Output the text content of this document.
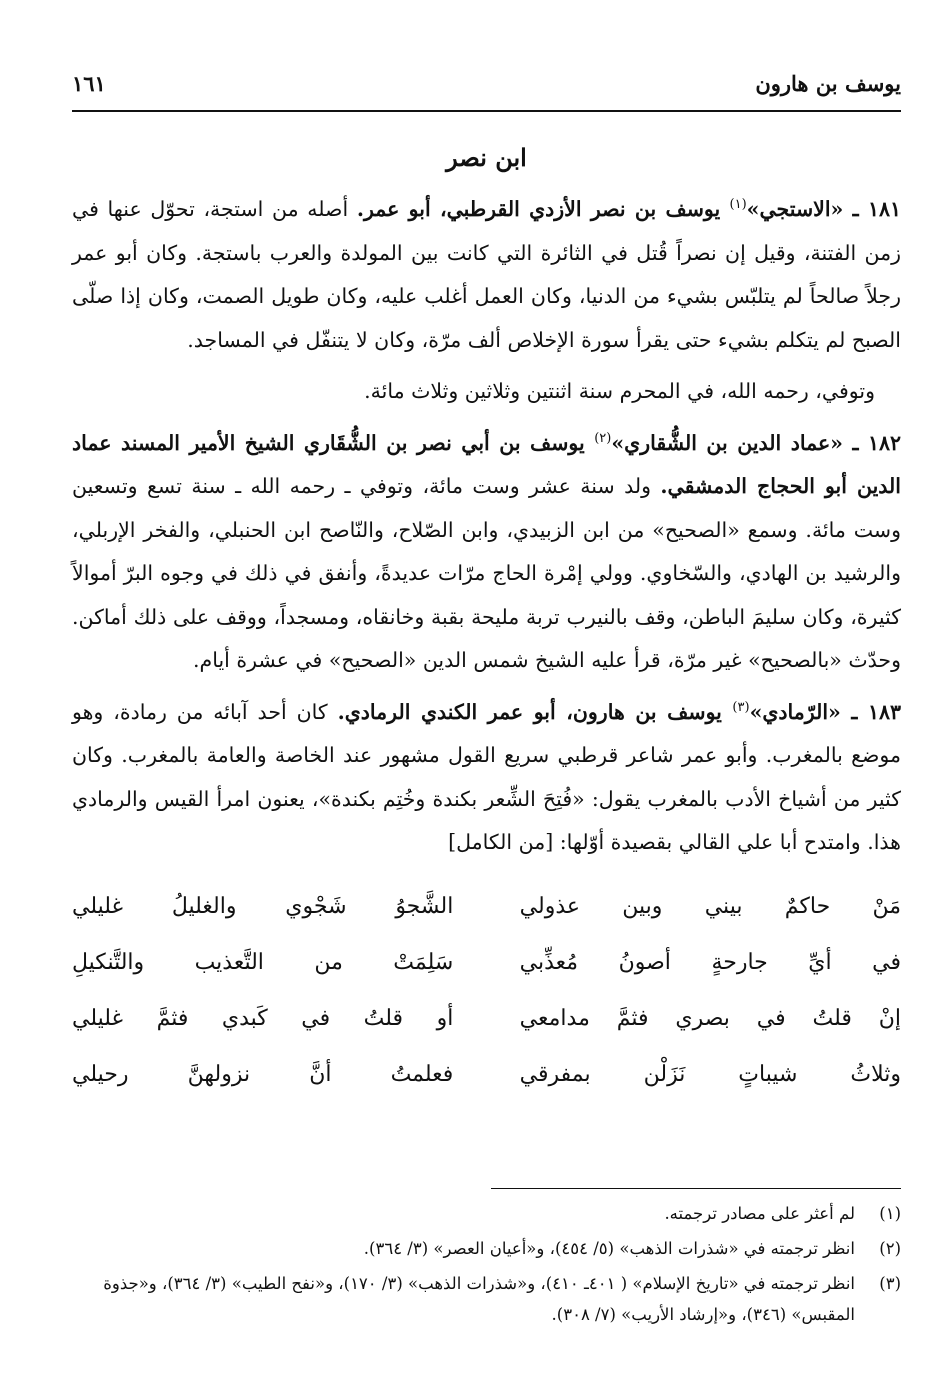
يوسف بن هارون
١٦١
ابن نصر

١٨١ ـ «الاستجي»$^{(١)}$ يوسف بن نصر الأزدي القرطبي، أبو عمر. أصله من استجة، تحوّل عنها في زمن الفتنة، وقيل إن نصراً قُتل في الثائرة التي كانت بين المولدة والعرب باستجة. وكان أبو عمر رجلاً صالحاً لم يتلبّس بشيء من الدنيا، وكان العمل أغلب عليه، وكان طويل الصمت، وكان إذا صلّى الصبح لم يتكلم بشيء حتى يقرأ سورة الإخلاص ألف مرّة، وكان لا يتنفّل في المساجد.

وتوفي، رحمه الله، في المحرم سنة اثنتين وثلاثين وثلاث مائة.

١٨٢ ـ «عماد الدين بن الشُّقاري»$^{(٢)}$ يوسف بن أبي نصر بن الشُّقَاري الشيخ الأمير المسند عماد الدين أبو الحجاج الدمشقي. ولد سنة عشر وست مائة، وتوفي ـ رحمه الله ـ سنة تسع وتسعين وست مائة. وسمع «الصحيح» من ابن الزبيدي، وابن الصّلاح، والنّاصح ابن الحنبلي، والفخر الإربلي، والرشيد بن الهادي، والسّخاوي. وولي إمْرة الحاج مرّات عديدةً، وأنفق في ذلك في وجوه البرّ أموالاً كثيرة، وكان سليمَ الباطن، وقف بالنيرب تربة مليحة بقبة وخانقاه، ومسجداً، ووقف على ذلك أماكن. وحدّث «بالصحيح» غير مرّة، قرأ عليه الشيخ شمس الدين «الصحيح» في عشرة أيام.

١٨٣ ـ «الرّمادي»$^{(٣)}$ يوسف بن هارون، أبو عمر الكندي الرمادي. كان أحد آبائه من رمادة، وهو موضع بالمغرب. وأبو عمر شاعر قرطبي سريع القول مشهور عند الخاصة والعامة بالمغرب. وكان كثير من أشياخ الأدب بالمغرب يقول: «فُتِحَ الشِّعر بكندة وخُتِم بكندة»، يعنون امرأ القيس والرمادي هذا. وامتدح أبا علي القالي بقصيدة أوّلها: [من الكامل]

مَنْ حاكمٌ بيني وبين عذولي
الشَّجوُ شَجْوي والغليلُ غليلي
في أيِّ جارحةٍ أصونُ مُعذِّبي
سَلِمَتْ من التَّعذيب والتَّنكيلِ
إنْ قلتُ في بصري فثمَّ مدامعي
أو قلتُ في كَبدي فثمَّ غليلي
وثلاثُ شيباتٍ نَزَلْن بمفرقي
فعلمتُ أنَّ نزولهنَّ رحيلي
(١)
لم أعثر على مصادر ترجمته.
(٢)
انظر ترجمته في «شذرات الذهب» (٥/ ٤٥٤)، و«أعيان العصر» (٣/ ٣٦٤).
(٣)
انظر ترجمته في «تاريخ الإسلام» ( ٤٠١ـ ٤١٠)، و«شذرات الذهب» (٣/ ١٧٠)، و«نفح الطيب» (٣/ ٣٦٤)، و«جذوة المقبس» (٣٤٦)، و«إرشاد الأريب» (٧/ ٣٠٨).
